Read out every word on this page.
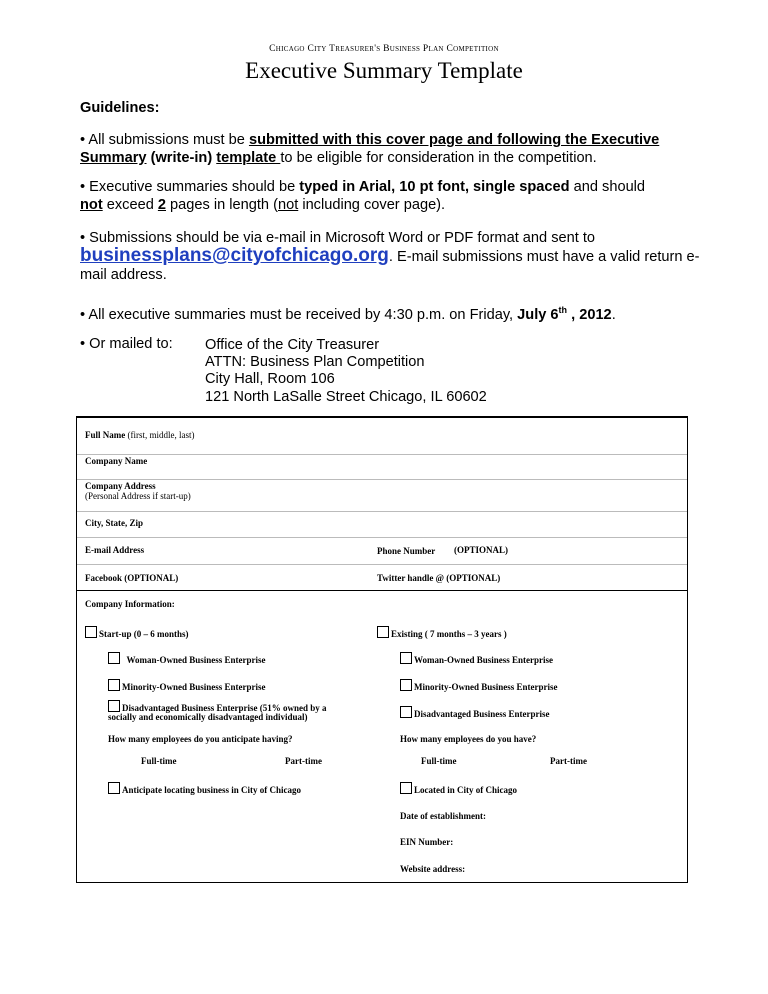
Chicago City Treasurer's Business Plan Competition
Executive Summary Template
Guidelines:
• All submissions must be submitted with this cover page and following the Executive
Summary (write-in) template to be eligible for consideration in the competition.
• Executive summaries should be typed in Arial, 10 pt font, single spaced and should
not exceed 2 pages in length (not including cover page).
• Submissions should be via e-mail in Microsoft Word or PDF format and sent to
businessplans@cityofchicago.org. E-mail submissions must have a valid return e-
mail address.
• All executive summaries must be received by 4:30 p.m. on Friday, July 6th , 2012.
• Or mailed to: Office of the City Treasurer
ATTN: Business Plan Competition
City Hall, Room 106
121 North LaSalle Street Chicago, IL 60602
Full Name (first, middle, last)
Company Name
Company Address
(Personal Address if start-up)
City, State, Zip
E-mail Address	Phone Number (OPTIONAL)
Facebook (OPTIONAL)	Twitter handle @ (OPTIONAL)
Company Information:
Start-up (0 – 6 months)	Existing ( 7 months – 3 years )
Woman-Owned Business Enterprise	Woman-Owned Business Enterprise
Minority-Owned Business Enterprise	Minority-Owned Business Enterprise
Disadvantaged Business Enterprise (51% owned by a
socially and economically disadvantaged individual)	Disadvantaged Business Enterprise
How many employees do you anticipate having?	How many employees do you have?
Full-time	Part-time	Full-time	Part-time
Anticipate locating business in City of Chicago	Located in City of Chicago
Date of establishment:
EIN Number:
Website address:
